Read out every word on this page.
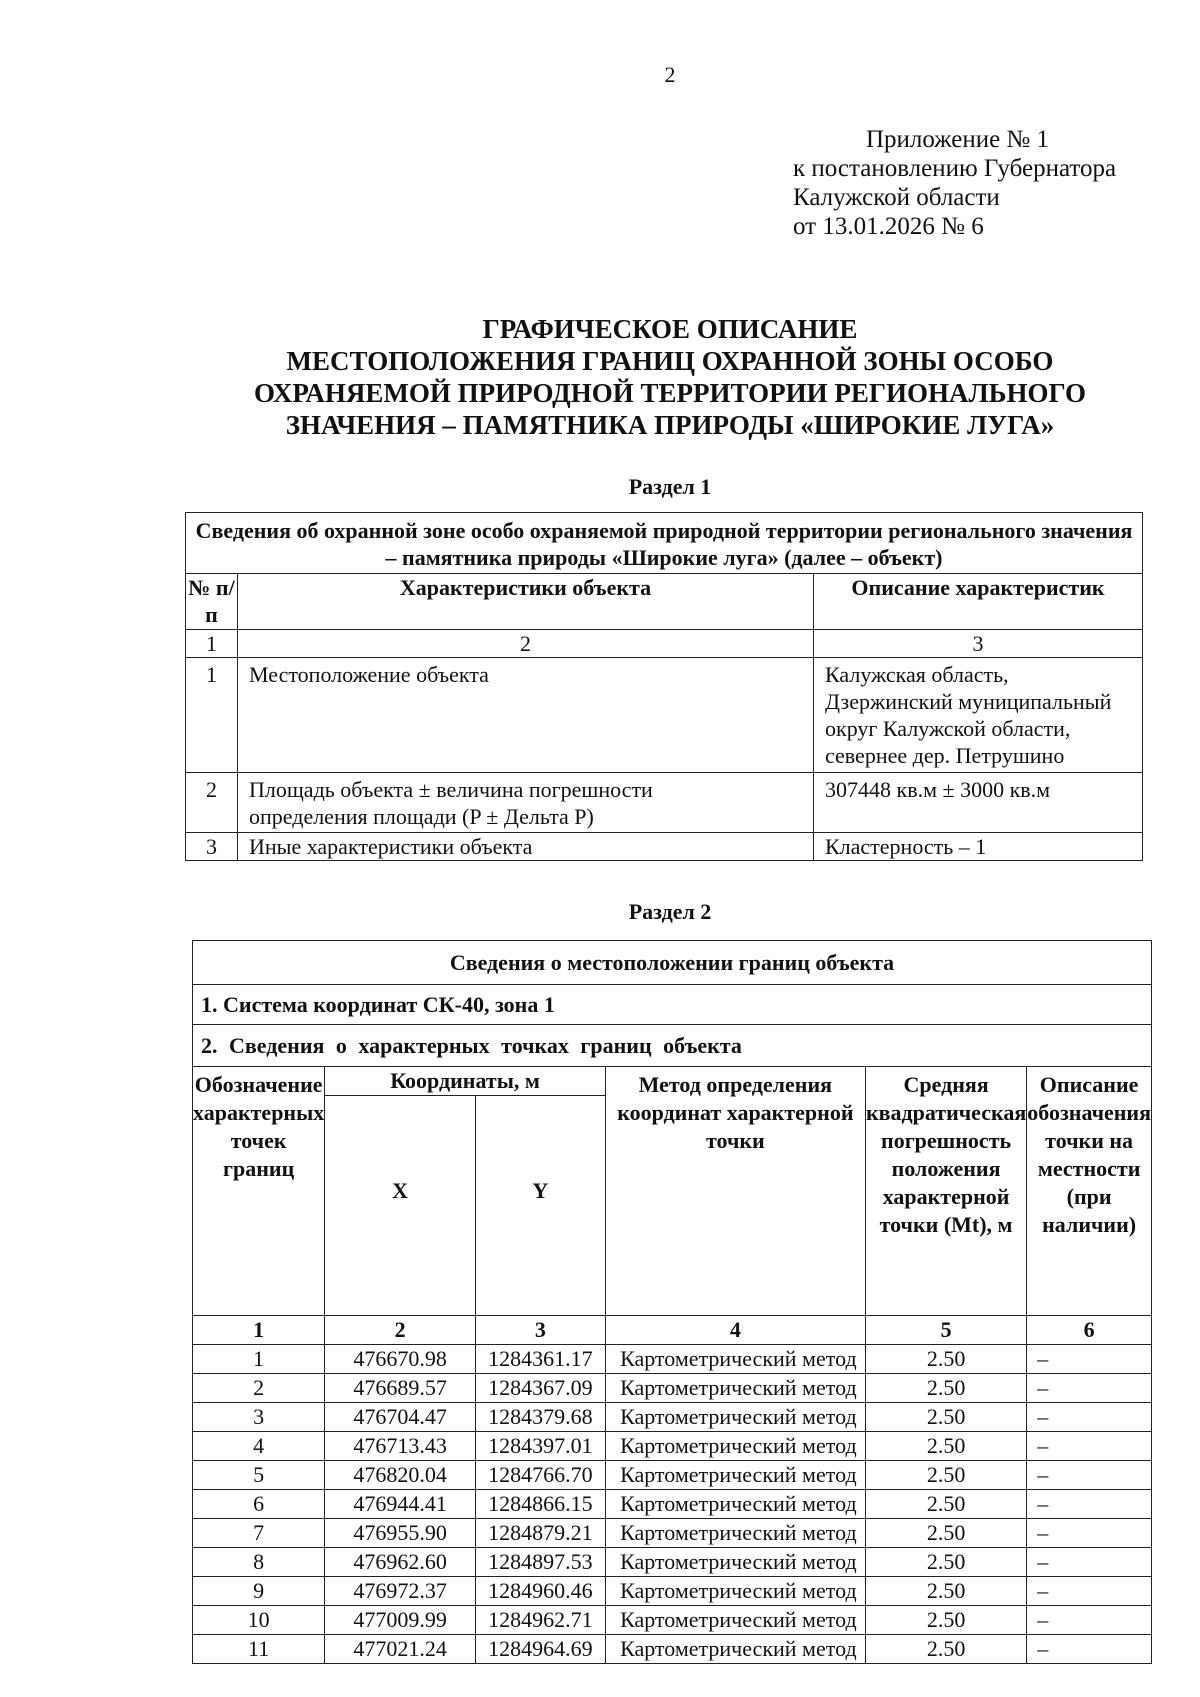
2
Приложение № 1
к постановлению Губернатора
Калужской области
от 13.01.2026 № 6
ГРАФИЧЕСКОЕ ОПИСАНИЕ
МЕСТОПОЛОЖЕНИЯ ГРАНИЦ ОХРАННОЙ ЗОНЫ ОСОБО
ОХРАНЯЕМОЙ ПРИРОДНОЙ ТЕРРИТОРИИ РЕГИОНАЛЬНОГО
ЗНАЧЕНИЯ – ПАМЯТНИКА ПРИРОДЫ «ШИРОКИЕ ЛУГА»
Раздел 1
Сведения об охранной зоне особо охраняемой природной территории регионального значения – памятника природы «Широкие луга» (далее – объект)		
№ п/п	Характеристики объекта	Описание характеристик
1	2	3
1	Местоположение объекта	Калужская область, Дзержинский муниципальный округ Калужской области, севернее дер. Петрушино
2	Площадь объекта ± величина погрешности определения площади (P ± Дельта P)	307448 кв.м ± 3000 кв.м
3	Иные характеристики объекта	Кластерность – 1
Раздел 2
Сведения о местоположении границ объекта					
1. Система координат СК-40, зона 1					
2. Сведения о характерных точках границ объекта					
Обозначение характерных точек границ	Координаты, м		Метод определения координат характерной точки	Средняя квадратическая погрешность положения характерной точки (Mt), м	Описание обозначения точки на местности (при наличии)
	X	Y			
1	2	3	4	5	6
1	476670.98	1284361.17	Картометрический метод	2.50	–
2	476689.57	1284367.09	Картометрический метод	2.50	–
3	476704.47	1284379.68	Картометрический метод	2.50	–
4	476713.43	1284397.01	Картометрический метод	2.50	–
5	476820.04	1284766.70	Картометрический метод	2.50	–
6	476944.41	1284866.15	Картометрический метод	2.50	–
7	476955.90	1284879.21	Картометрический метод	2.50	–
8	476962.60	1284897.53	Картометрический метод	2.50	–
9	476972.37	1284960.46	Картометрический метод	2.50	–
10	477009.99	1284962.71	Картометрический метод	2.50	–
11	477021.24	1284964.69	Картометрический метод	2.50	–
